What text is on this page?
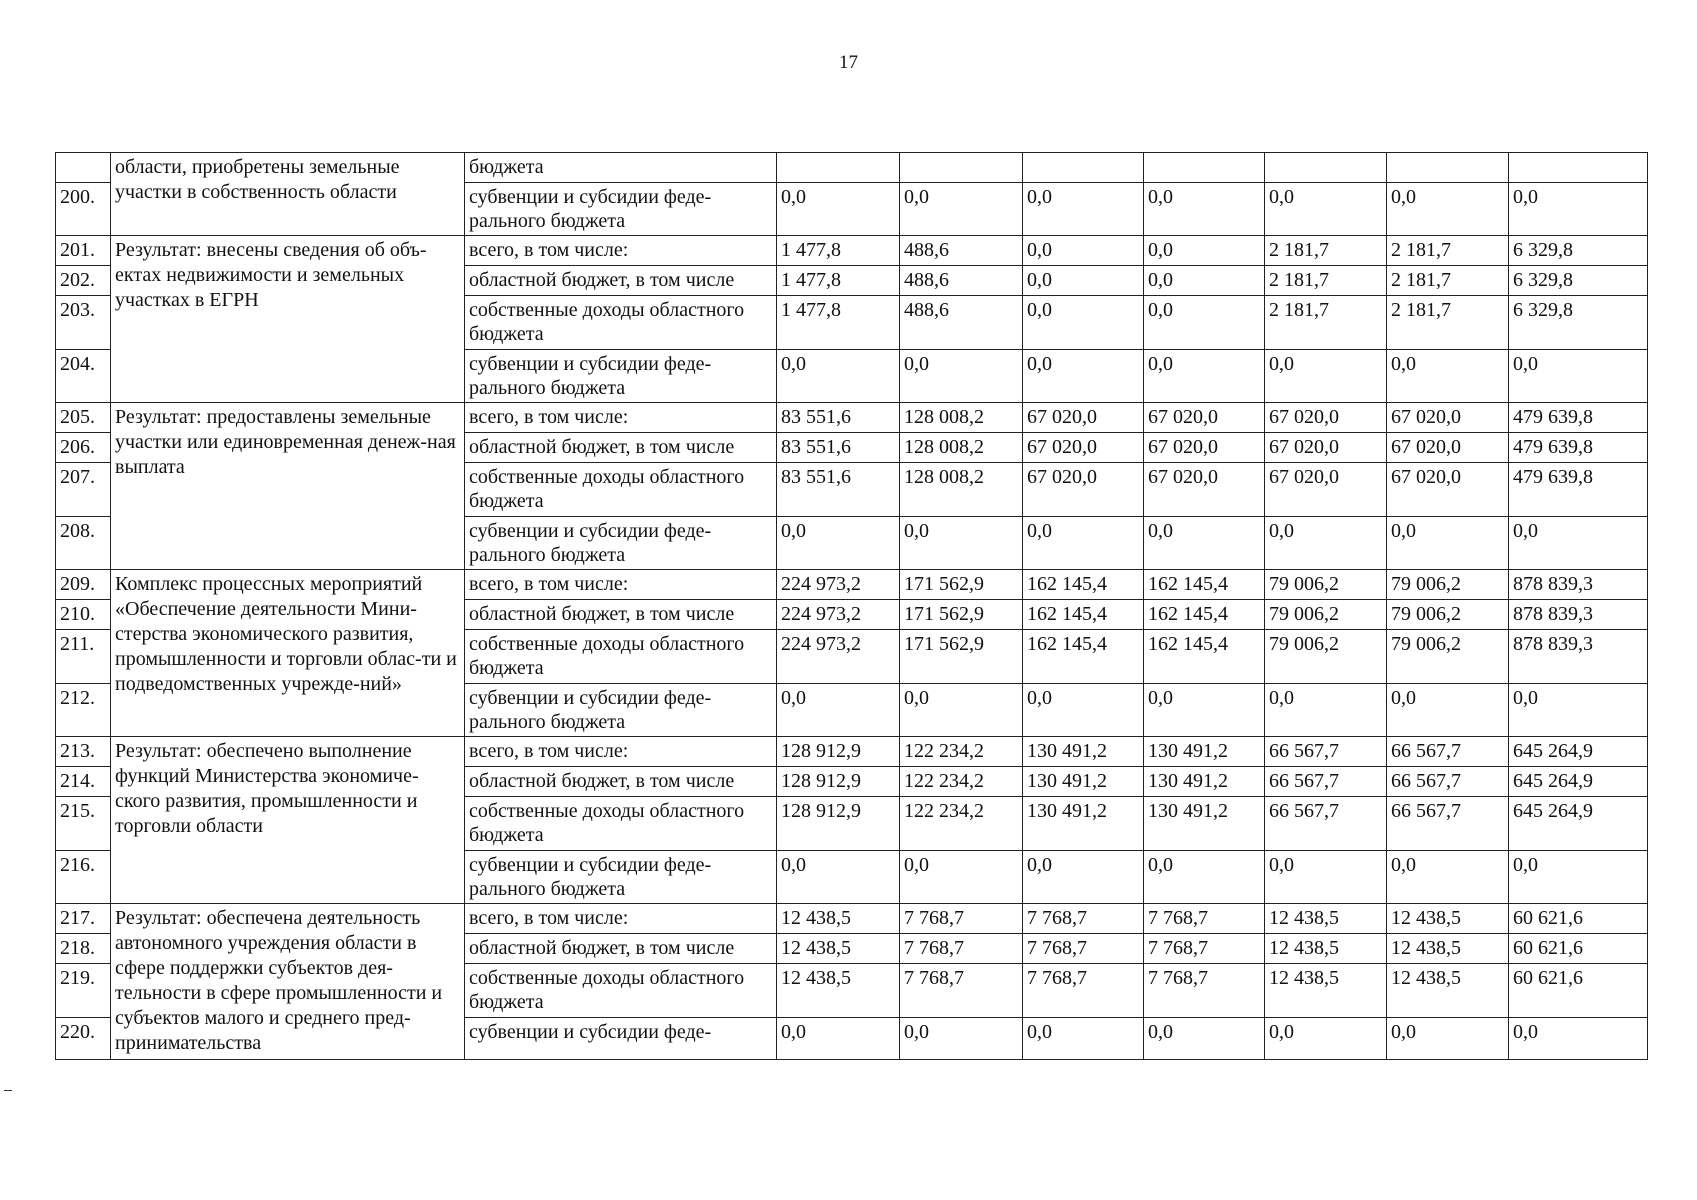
17
	области, приобретены земельные участки в собственность области	бюджета							
200.		субвенции и субсидии феде- рального бюджета	0,0	0,0	0,0	0,0	0,0	0,0	0,0
201.	Результат: внесены сведения об объ-ектах недвижимости и земельных участках в ЕГРН	всего, в том числе:	1 477,8	488,6	0,0	0,0	2 181,7	2 181,7	6 329,8
202.		областной бюджет, в том числе	1 477,8	488,6	0,0	0,0	2 181,7	2 181,7	6 329,8
203.		собственные доходы областного бюджета	1 477,8	488,6	0,0	0,0	2 181,7	2 181,7	6 329,8
204.		субвенции и субсидии феде-рального бюджета	0,0	0,0	0,0	0,0	0,0	0,0	0,0
205.	Результат: предоставлены земельные участки или единовременная денеж-ная выплата	всего, в том числе:	83 551,6	128 008,2	67 020,0	67 020,0	67 020,0	67 020,0	479 639,8
206.		областной бюджет, в том числе	83 551,6	128 008,2	67 020,0	67 020,0	67 020,0	67 020,0	479 639,8
207.		собственные доходы областного бюджета	83 551,6	128 008,2	67 020,0	67 020,0	67 020,0	67 020,0	479 639,8
208.		субвенции и субсидии феде-рального бюджета	0,0	0,0	0,0	0,0	0,0	0,0	0,0
209.	Комплекс процессных мероприятий «Обеспечение деятельности Мини-стерства экономического развития, промышленности и торговли облас-ти и подведомственных учрежде-ний»	всего, в том числе:	224 973,2	171 562,9	162 145,4	162 145,4	79 006,2	79 006,2	878 839,3
210.		областной бюджет, в том числе	224 973,2	171 562,9	162 145,4	162 145,4	79 006,2	79 006,2	878 839,3
211.		собственные доходы областного бюджета	224 973,2	171 562,9	162 145,4	162 145,4	79 006,2	79 006,2	878 839,3
212.		субвенции и субсидии феде-рального бюджета	0,0	0,0	0,0	0,0	0,0	0,0	0,0
213.	Результат: обеспечено выполнение функций Министерства экономиче-ского развития, промышленности и торговли области	всего, в том числе:	128 912,9	122 234,2	130 491,2	130 491,2	66 567,7	66 567,7	645 264,9
214.		областной бюджет, в том числе	128 912,9	122 234,2	130 491,2	130 491,2	66 567,7	66 567,7	645 264,9
215.		собственные доходы областного бюджета	128 912,9	122 234,2	130 491,2	130 491,2	66 567,7	66 567,7	645 264,9
216.		субвенции и субсидии феде-рального бюджета	0,0	0,0	0,0	0,0	0,0	0,0	0,0
217.	Результат: обеспечена деятельность автономного учреждения области в сфере поддержки субъектов дея-тельности в сфере промышленности и субъектов малого и среднего пред-принимательства	всего, в том числе:	12 438,5	7 768,7	7 768,7	7 768,7	12 438,5	12 438,5	60 621,6
218.		областной бюджет, в том числе	12 438,5	7 768,7	7 768,7	7 768,7	12 438,5	12 438,5	60 621,6
219.		собственные доходы областного бюджета	12 438,5	7 768,7	7 768,7	7 768,7	12 438,5	12 438,5	60 621,6
220.		субвенции и субсидии феде-	0,0	0,0	0,0	0,0	0,0	0,0	0,0
